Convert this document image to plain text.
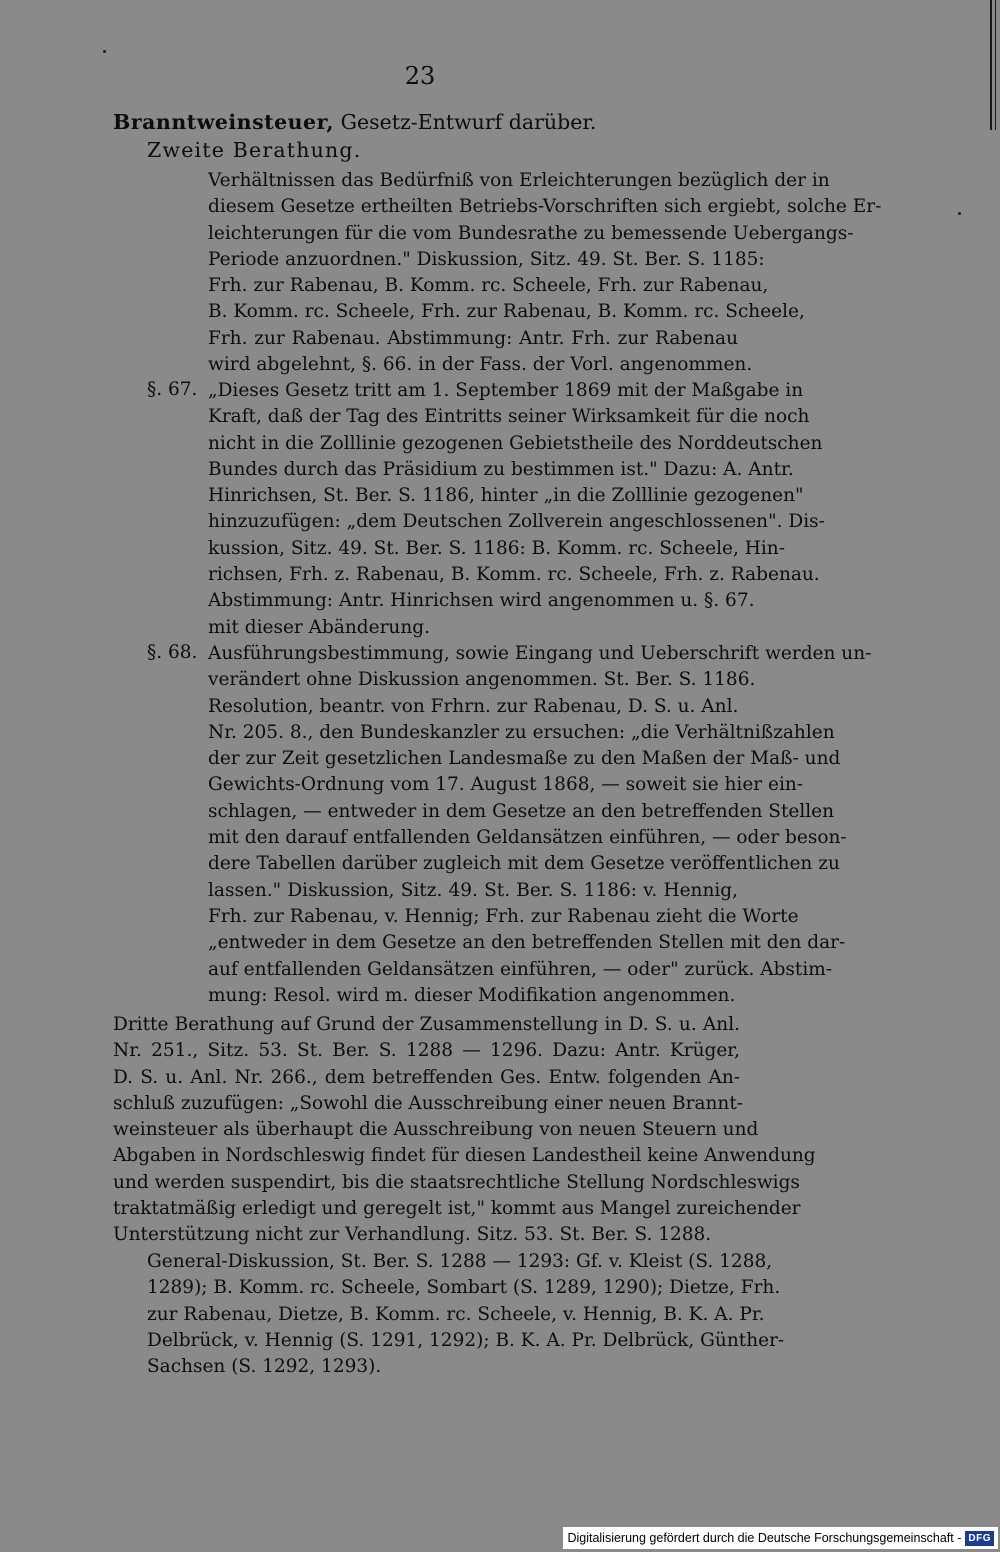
23
Branntweinsteuer, Gesetz-Entwurf darüber.
Zweite Berathung.
Verhältnissen das Bedürfniß von Erleichterungen bezüglich der in
diesem Gesetze ertheilten Betriebs-Vorschriften sich ergiebt, solche Er-
leichterungen für die vom Bundesrathe zu bemessende Uebergangs-
Periode anzuordnen." Diskussion, Sitz. 49. St. Ber. S. 1185:
Frh. zur Rabenau, B. Komm. rc. Scheele, Frh. zur Rabenau,
B. Komm. rc. Scheele, Frh. zur Rabenau, B. Komm. rc. Scheele,
Frh. zur Rabenau. Abstimmung: Antr. Frh. zur Rabenau
wird abgelehnt, §. 66. in der Fass. der Vorl. angenommen.
§. 67. „Dieses Gesetz tritt am 1. September 1869 mit der Maßgabe in
Kraft, daß der Tag des Eintritts seiner Wirksamkeit für die noch
nicht in die Zolllinie gezogenen Gebietstheile des Norddeutschen
Bundes durch das Präsidium zu bestimmen ist." Dazu: A. Antr.
Hinrichsen, St. Ber. S. 1186, hinter „in die Zolllinie gezogenen"
hinzuzufügen: „dem Deutschen Zollverein angeschlossenen". Dis-
kussion, Sitz. 49. St. Ber. S. 1186: B. Komm. rc. Scheele, Hin-
richsen, Frh. z. Rabenau, B. Komm. rc. Scheele, Frh. z. Rabenau.
Abstimmung: Antr. Hinrichsen wird angenommen u. §. 67.
mit dieser Abänderung.
§. 68. Ausführungsbestimmung, sowie Eingang und Ueberschrift werden un-
verändert ohne Diskussion angenommen. St. Ber. S. 1186.
Resolution, beantr. von Frhrn. zur Rabenau, D. S. u. Anl.
Nr. 205. 8., den Bundeskanzler zu ersuchen: „die Verhältnißzahlen
der zur Zeit gesetzlichen Landesmaße zu den Maßen der Maß- und
Gewichts-Ordnung vom 17. August 1868, — soweit sie hier ein-
schlagen, — entweder in dem Gesetze an den betreffenden Stellen
mit den darauf entfallenden Geldansätzen einführen, — oder beson-
dere Tabellen darüber zugleich mit dem Gesetze veröffentlichen zu
lassen." Diskussion, Sitz. 49. St. Ber. S. 1186: v. Hennig,
Frh. zur Rabenau, v. Hennig; Frh. zur Rabenau zieht die Worte
„entweder in dem Gesetze an den betreffenden Stellen mit den dar-
auf entfallenden Geldansätzen einführen, — oder" zurück. Abstim-
mung: Resol. wird m. dieser Modifikation angenommen.
Dritte Berathung auf Grund der Zusammenstellung in D. S. u. Anl.
Nr. 251., Sitz. 53. St. Ber. S. 1288 — 1296. Dazu: Antr. Krüger,
D. S. u. Anl. Nr. 266., dem betreffenden Ges. Entw. folgenden An-
schluß zuzufügen: „Sowohl die Ausschreibung einer neuen Brannt-
weinsteuer als überhaupt die Ausschreibung von neuen Steuern und
Abgaben in Nordschleswig findet für diesen Landestheil keine Anwendung
und werden suspendirt, bis die staatsrechtliche Stellung Nordschleswigs
traktatmäßig erledigt und geregelt ist," kommt aus Mangel zureichender
Unterstützung nicht zur Verhandlung. Sitz. 53. St. Ber. S. 1288.
General-Diskussion, St. Ber. S. 1288 — 1293: Gf. v. Kleist (S. 1288,
1289); B. Komm. rc. Scheele, Sombart (S. 1289, 1290); Dietze, Frh.
zur Rabenau, Dietze, B. Komm. rc. Scheele, v. Hennig, B. K. A. Pr.
Delbrück, v. Hennig (S. 1291, 1292); B. K. A. Pr. Delbrück, Günther-
Sachsen (S. 1292, 1293).
Digitalisierung gefördert durch die Deutsche Forschungsgemeinschaft - DFG
